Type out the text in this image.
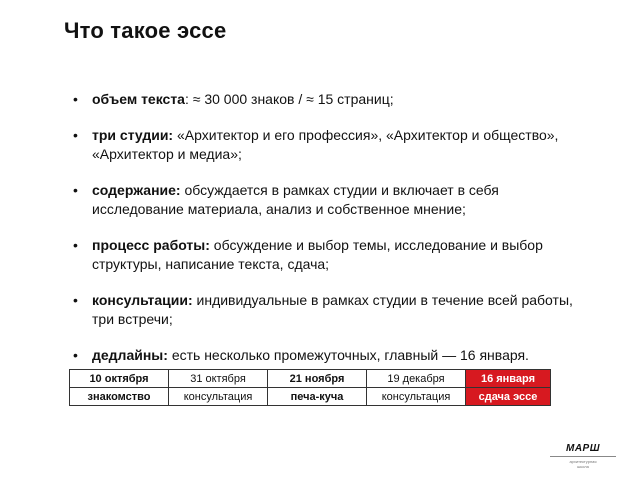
Что такое эссе
• объем текста: ≈ 30 000 знаков / ≈ 15 страниц;
• три студии: «Архитектор и его профессия», «Архитектор и общество», «Архитектор и медиа»;
• содержание: обсуждается в рамках студии и включает в себя исследование материала, анализ и собственное мнение;
• процесс работы: обсуждение и выбор темы, исследование и выбор структуры, написание текста, сдача;
• консультации: индивидуальные в рамках студии в течение всей работы, три встречи;
• дедлайны: есть несколько промежуточных, главный — 16 января.
10 октября	31 октября	21 ноября	19 декабря	16 января
знакомство	консультация	печа-куча	консультация	сдача эссе
МАРШ
архитектурная
школа
